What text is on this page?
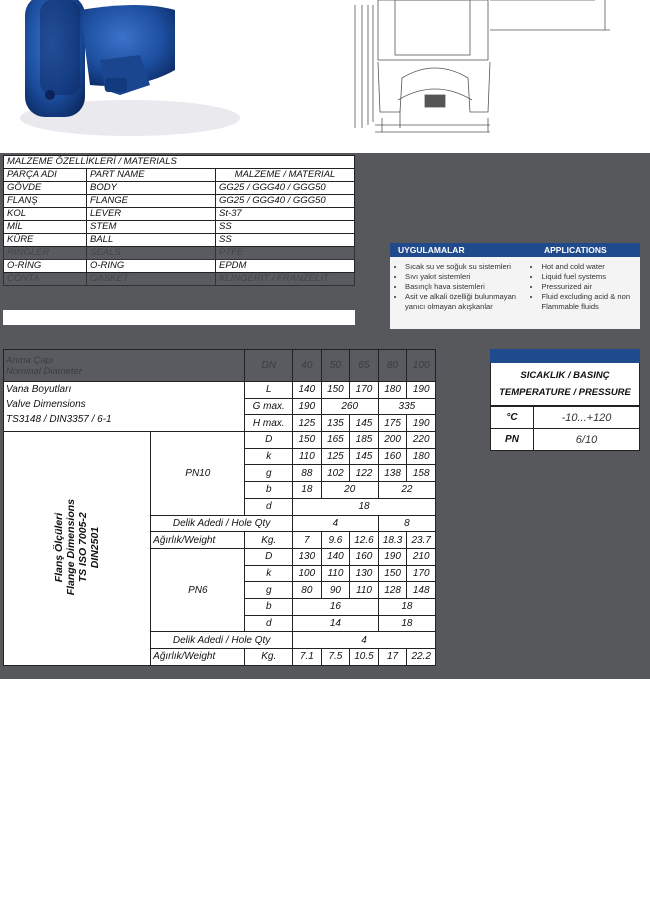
MALZEME ÖZELLİKLERİ / MATERIALS		
PARÇA ADI	PART NAME	MALZEME / MATERIAL
GÖVDE	BODY	GG25 / GGG40 / GGG50
FLANŞ	FLANGE	GG25 / GGG40 / GGG50
KOL	LEVER	St-37
MİL	STEM	SS
KÜRE	BALL	SS
RİNGLER	SEALS	PTFE
O-RİNG	O-RING	EPDM
CONTA	GASKET	KLINGERIT / FRANZELIT
UYGULAMALAR	APPLICATIONS
• Sıcak su ve soğuk su sistemleri
• Sıvı yakıt sistemleri
• Basınçlı hava sistemleri
• Asit ve alkali özelliği bulunmayan yanıcı olmayan akışkanlar
• Hot and cold water
• Liquid fuel systems
• Pressurized air
• Fluid excluding acid & non Flammable fluids
Anma Çapı
Nominal Diameter		DN	40	50	65	80	100

Vana Boyutları
Valve Dimensions
TS3148 / DIN3357 / 6-1		L	140	150	170	180	190
		G max.	190	260		335	
		H max.	125	135	145	175	190
Flanş Ölçüleri
Flange Dimensions
TS ISO 7005-2
DIN2501	PN10	D	150	165	185	200	220
		k	110	125	145	160	180
		g	88	102	122	138	158
		b	18	20		22	
		d	18				
	Delik Adedi / Hole Qty		4			8	
	Ağırlık/Weight	Kg.	7	9.6	12.6	18.3	23.7
	PN6	D	130	140	160	190	210
		k	100	110	130	150	170
		g	80	90	110	128	148
		b	16			18	
		d	14			18	
	Delik Adedi / Hole Qty		4				
	Ağırlık/Weight	Kg.	7.1	7.5	10.5	17	22.2
SICAKLIK / BASINÇ
TEMPERATURE / PRESSURE
°C	-10...+120
PN	6/10
